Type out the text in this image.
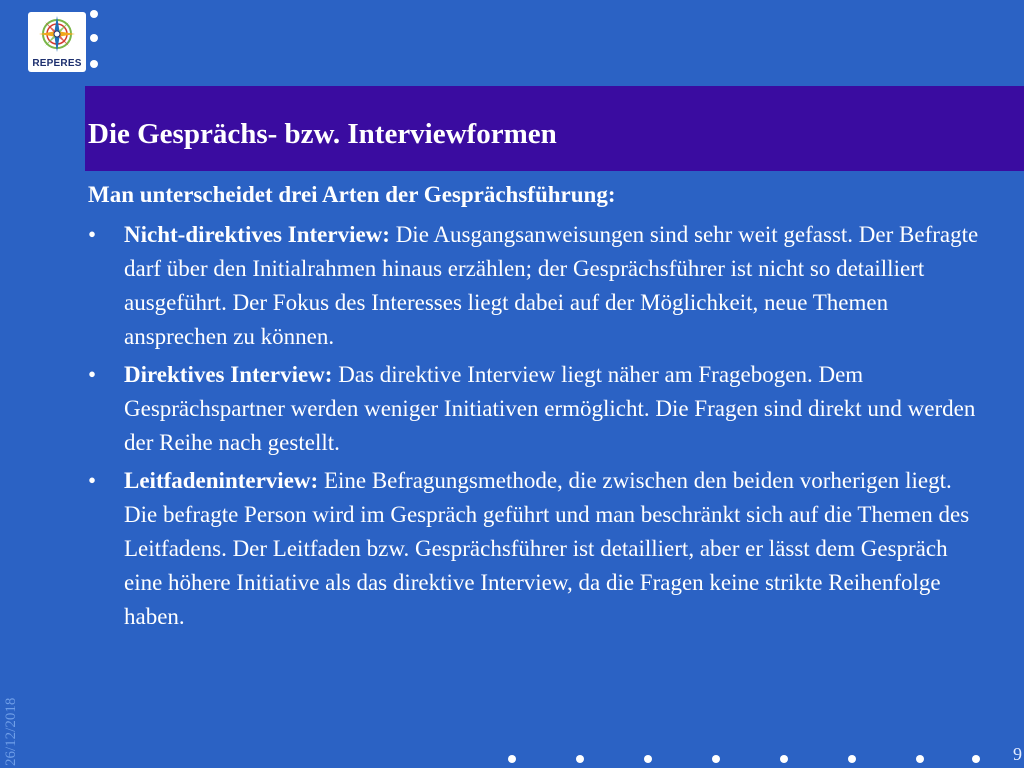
REPERES
Die Gesprächs- bzw. Interviewformen

Man unterscheidet drei Arten der Gesprächsführung:

• Nicht-direktives Interview: Die Ausgangsanweisungen sind sehr weit gefasst. Der Befragte darf über den Initialrahmen hinaus erzählen; der Gesprächsführer ist nicht so detailliert ausgeführt. Der Fokus des Interesses liegt dabei auf der Möglichkeit, neue Themen ansprechen zu können.
• Direktives Interview: Das direktive Interview liegt näher am Fragebogen. Dem Gesprächspartner werden weniger Initiativen ermöglicht. Die Fragen sind direkt und werden der Reihe nach gestellt.
• Leitfadeninterview: Eine Befragungsmethode, die zwischen den beiden vorherigen liegt. Die befragte Person wird im Gespräch geführt und man beschränkt sich auf die Themen des Leitfadens. Der Leitfaden bzw. Gesprächsführer ist detailliert, aber er lässt dem Gespräch eine höhere Initiative als das direktive Interview, da die Fragen keine strikte Reihenfolge haben.
26/12/2018	9
